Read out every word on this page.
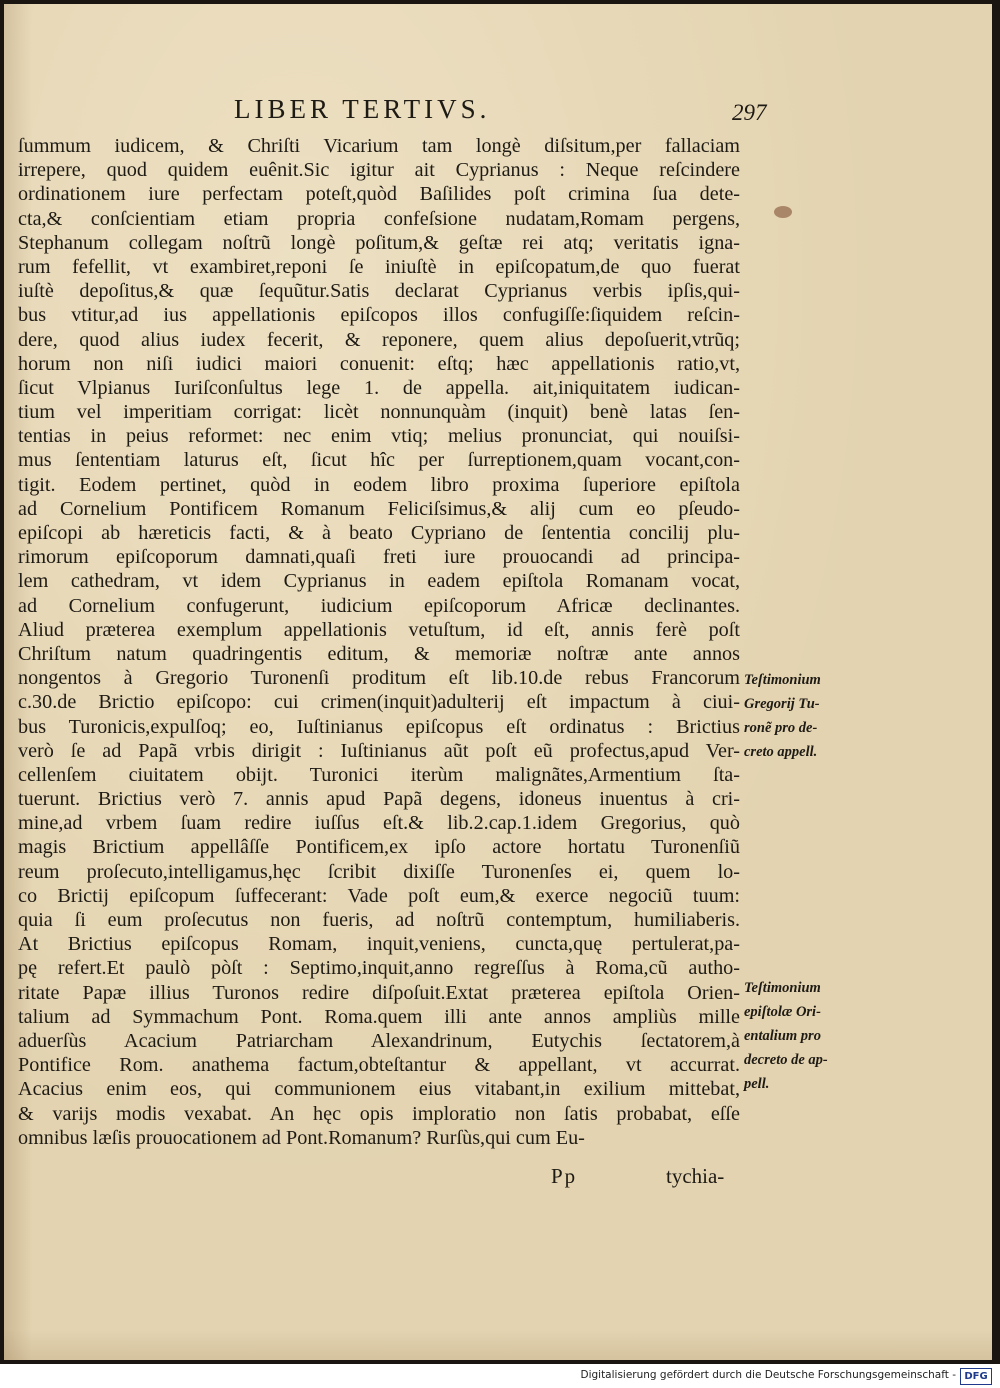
LIBER TERTIVS.	297
ſummum iudicem, & Chriſti Vicarium tam longè diſsitum,per fallaciam
irrepere, quod quidem euênit.Sic igitur ait Cyprianus : Neque reſcindere
ordinationem iure perfectam poteſt,quòd Baſilides poſt crimina ſua dete-
cta,& conſcientiam etiam propria confeſsione nudatam,Romam pergens,
Stephanum collegam noſtrũ longè poſitum,& geſtæ rei atq; veritatis igna-
rum fefellit, vt exambiret,reponi ſe iniuſtè in epiſcopatum,de quo fuerat
iuſtè depoſitus,& quæ ſequũtur.Satis declarat Cyprianus verbis ipſis,qui-
bus vtitur,ad ius appellationis epiſcopos illos confugiſſe:ſiquidem reſcin-
dere, quod alius iudex fecerit, & reponere, quem alius depoſuerit,vtrũq;
horum non niſi iudici maiori conuenit: eſtq; hæc appellationis ratio,vt,
ſicut Vlpianus Iuriſconſultus lege 1. de appella. ait,iniquitatem iudican-
tium vel imperitiam corrigat: licèt nonnunquàm (inquit) benè latas ſen-
tentias in peius reformet: nec enim vtiq; melius pronunciat, qui nouiſsi-
mus ſententiam laturus eſt, ſicut hîc per ſurreptionem,quam vocant,con-
tigit. Eodem pertinet, quòd in eodem libro proxima ſuperiore epiſtola
ad Cornelium Pontificem Romanum Feliciſsimus,& alij cum eo pſeudo-
epiſcopi ab hæreticis facti, & à beato Cypriano de ſententia concilij plu-
rimorum epiſcoporum damnati,quaſi freti iure prouocandi ad principa-
lem cathedram, vt idem Cyprianus in eadem epiſtola Romanam vocat,
ad Cornelium confugerunt, iudicium epiſcoporum Africæ declinantes.
Aliud præterea exemplum appellationis vetuſtum, id eſt, annis ferè poſt
Chriſtum natum quadringentis editum, & memoriæ noſtræ ante annos
nongentos à Gregorio Turonenſi proditum eſt lib.10.de rebus Francorum
c.30.de Brictio epiſcopo: cui crimen(inquit)adulterij eſt impactum à ciui-
bus Turonicis,expulſoq; eo, Iuſtinianus epiſcopus eſt ordinatus : Brictius
verò ſe ad Papã vrbis dirigit : Iuſtinianus aũt poſt eũ profectus,apud Ver-
cellenſem ciuitatem obijt. Turonici iterùm malignãtes,Armentium ſta-
tuerunt. Brictius verò 7. annis apud Papã degens, idoneus inuentus à cri-
mine,ad vrbem ſuam redire iuſſus eſt.& lib.2.cap.1.idem Gregorius, quò
magis Brictium appellâſſe Pontificem,ex ipſo actore hortatu Turonenſiũ
reum proſecuto,intelligamus,hęc ſcribit dixiſſe Turonenſes ei, quem lo-
co Brictij epiſcopum ſuffecerant: Vade poſt eum,& exerce negociũ tuum:
quia ſi eum proſecutus non fueris, ad noſtrũ contemptum, humiliaberis.
At Brictius epiſcopus Romam, inquit,veniens, cuncta,quę pertulerat,pa-
pę refert.Et paulò pòſt : Septimo,inquit,anno regreſſus à Roma,cũ autho-
ritate Papæ illius Turonos redire diſpoſuit.Extat præterea epiſtola Orien-
talium ad Symmachum Pont. Roma.quem illi ante annos ampliùs mille
aduerſùs Acacium Patriarcham Alexandrinum, Eutychis ſectatorem,à
Pontifice Rom. anathema factum,obteſtantur & appellant, vt accurrat.
Acacius enim eos, qui communionem eius vitabant,in exilium mittebat,
& varijs modis vexabat. An hęc opis imploratio non ſatis probabat, eſſe
omnibus læſis prouocationem ad Pont.Romanum? Rurſùs,qui cum Eu-
Teſtimonium
Gregorij Tu-
ronẽ pro de-
creto appell.
Teſtimonium
epiſtolæ Ori-
entalium pro
decreto de ap-
pell.
Pp	tychia-
Digitalisierung gefördert durch die Deutsche Forschungsgemeinschaft - DFG
